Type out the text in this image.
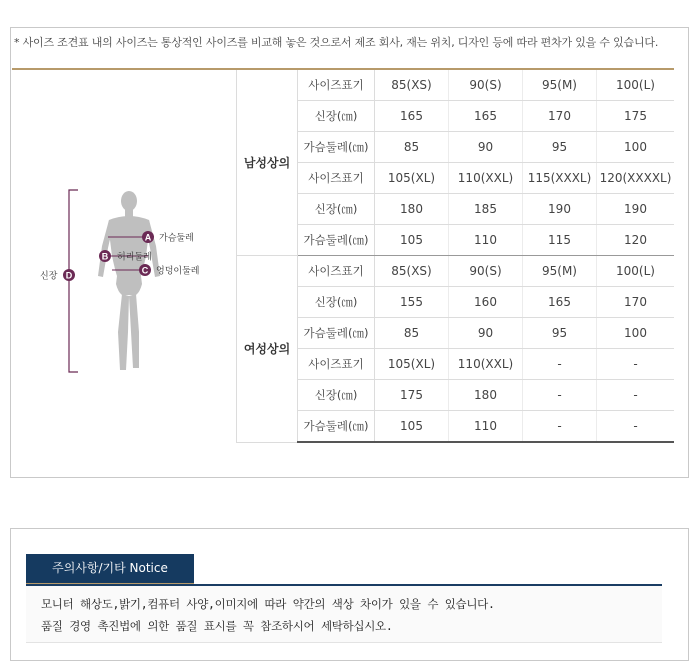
* 사이즈 조견표 내의 사이즈는 통상적인 사이즈를 비교해 놓은 것으로서 제조 회사, 재는 위치, 디자인 등에 따라 편차가 있을 수 있습니다.
A 가슴둘레
B 허리둘레
C 엉덩이둘레
D
신장
남성상의	사이즈표기	85(XS)	90(S)	95(M)	100(L)
	신장(㎝)	165	165	170	175
	가슴둘레(㎝)	85	90	95	100
	사이즈표기	105(XL)	110(XXL)	115(XXXL)	120(XXXXL)
	신장(㎝)	180	185	190	190
	가슴둘레(㎝)	105	110	115	120
여성상의	사이즈표기	85(XS)	90(S)	95(M)	100(L)
	신장(㎝)	155	160	165	170
	가슴둘레(㎝)	85	90	95	100
	사이즈표기	105(XL)	110(XXL)	-	-
	신장(㎝)	175	180	-	-
	가슴둘레(㎝)	105	110	-	-
주의사항/기타 Notice
모니터 해상도,밝기,컴퓨터 사양,이미지에 따라 약간의 색상 차이가 있을 수 있습니다.
품질 경영 촉진법에 의한 품질 표시를 꼭 참조하시어 세탁하십시오.
